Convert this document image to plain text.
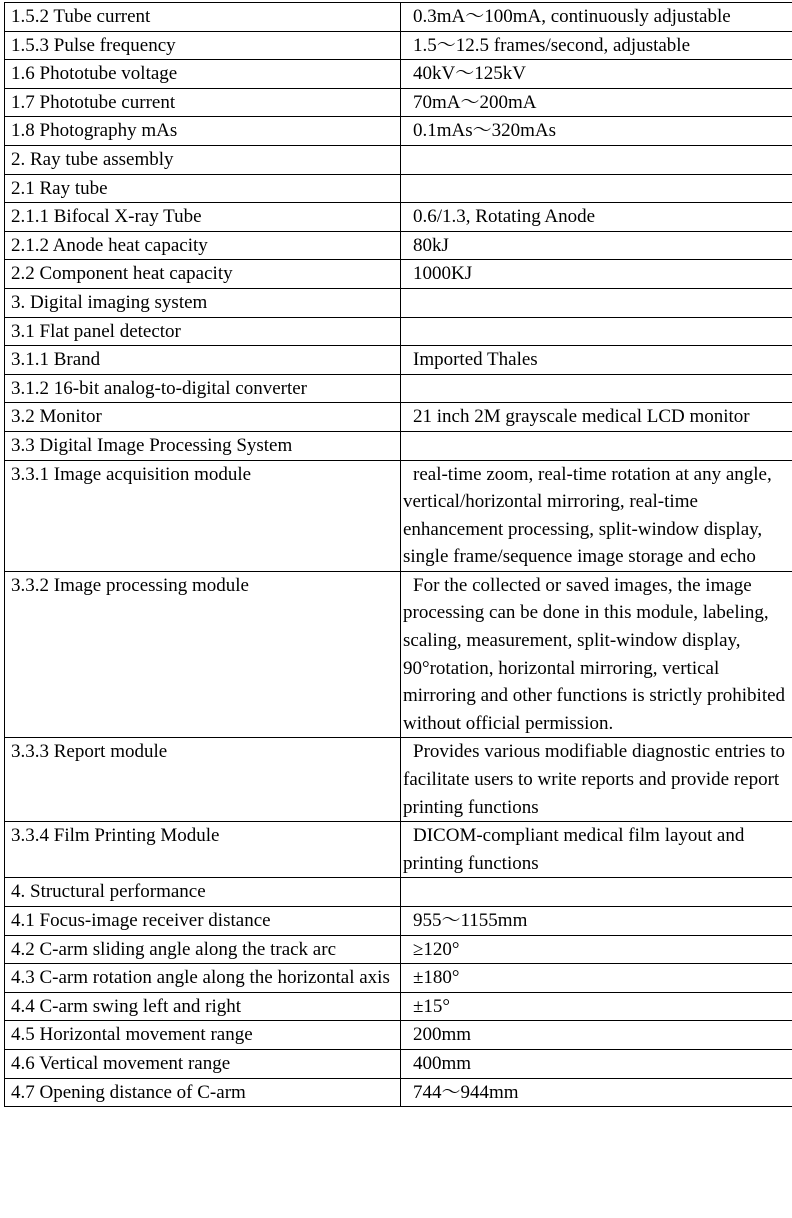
1.5.2 Tube current	0.3mA～100mA, continuously adjustable

1.5.3 Pulse frequency	1.5～12.5 frames/second, adjustable

1.6 Phototube voltage	40kV～125kV

1.7 Phototube current	70mA～200mA

1.8 Photography mAs	0.1mAs～320mAs

2. Ray tube assembly	

2.1 Ray tube	

2.1.1 Bifocal X-ray Tube	0.6/1.3, Rotating Anode

2.1.2 Anode heat capacity	80kJ

2.2 Component heat capacity	1000KJ

3. Digital imaging system	

3.1 Flat panel detector	

3.1.1 Brand	Imported Thales

3.1.2 16-bit analog-to-digital converter	

3.2 Monitor	21 inch 2M grayscale medical LCD monitor

3.3 Digital Image Processing System	

3.3.1 Image acquisition module	real-time zoom, real-time rotation at any angle, vertical/horizontal mirroring, real-time enhancement processing, split-window display, single frame/sequence image storage and echo

3.3.2 Image processing module	For the collected or saved images, the image processing can be done in this module, labeling, scaling, measurement, split-window display, 90°rotation, horizontal mirroring, vertical mirroring and other functions is strictly prohibited without official permission.

3.3.3 Report module	Provides various modifiable diagnostic entries to facilitate users to write reports and provide report printing functions

3.3.4 Film Printing Module	DICOM-compliant medical film layout and printing functions

4. Structural performance	

4.1 Focus-image receiver distance	955～1155mm

4.2 C-arm sliding angle along the track arc	≥120°

4.3 C-arm rotation angle along the horizontal axis	±180°

4.4 C-arm swing left and right	±15°

4.5 Horizontal movement range	200mm

4.6 Vertical movement range	400mm

4.7 Opening distance of C-arm	744～944mm
